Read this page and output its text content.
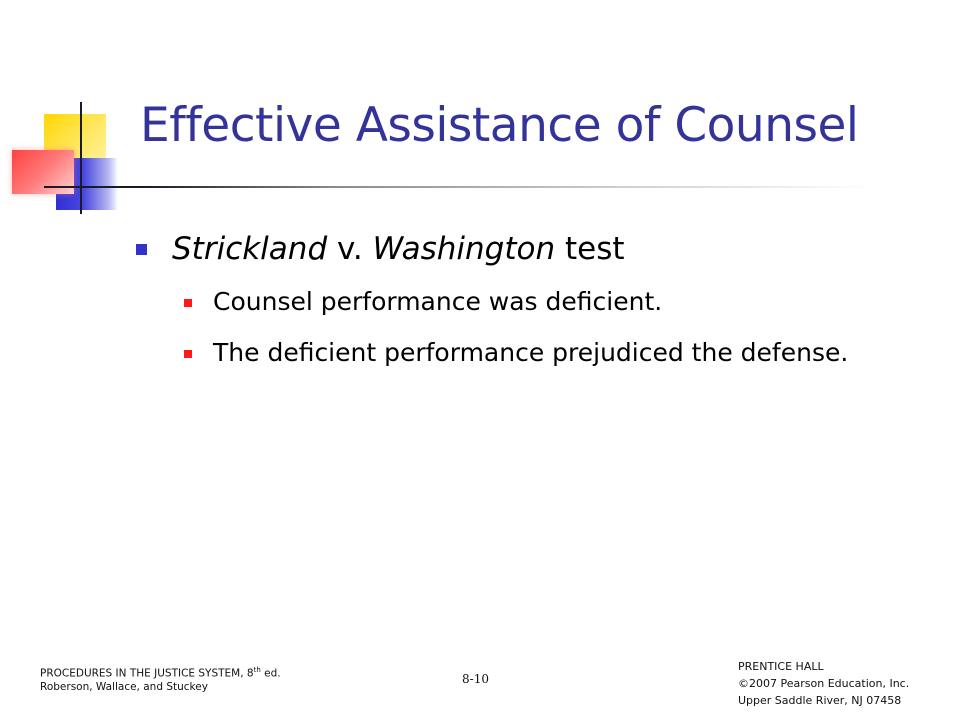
Effective Assistance of Counsel
Strickland v. Washington test
Counsel performance was deficient.
The deficient performance prejudiced the defense.
PROCEDURES IN THE JUSTICE SYSTEM, 8th ed.
Roberson, Wallace, and Stuckey
8-10
PRENTICE HALL
©2007 Pearson Education, Inc.
Upper Saddle River, NJ 07458
